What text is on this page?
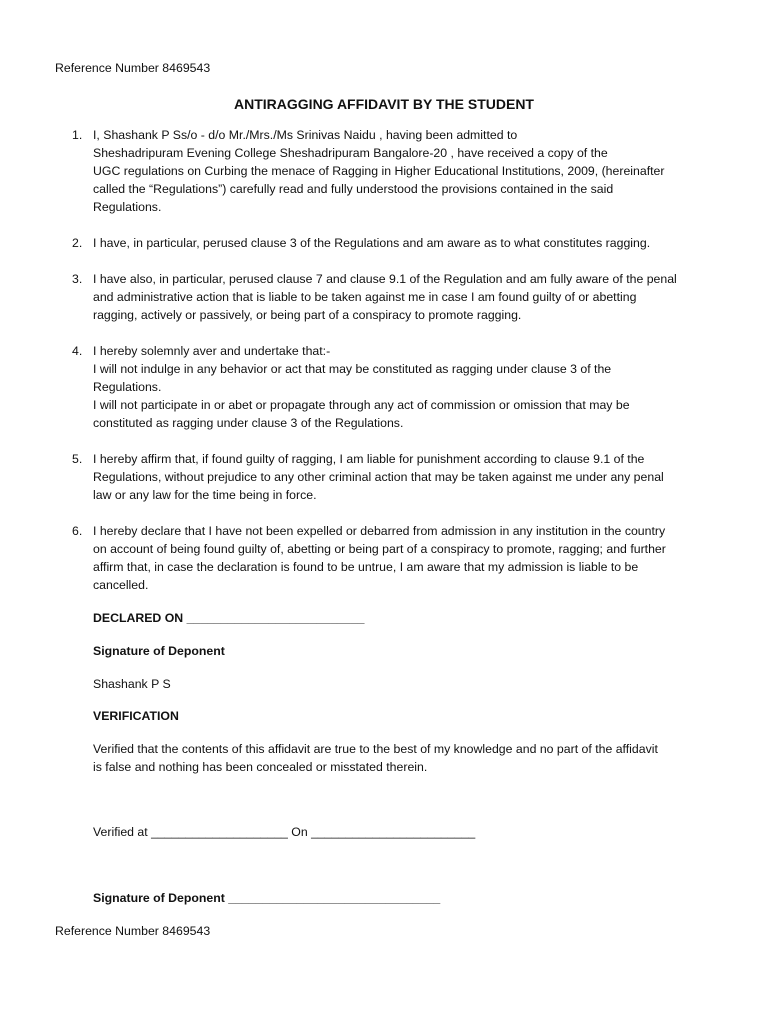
Reference Number 8469543
ANTIRAGGING AFFIDAVIT BY THE STUDENT
1. I, Shashank P Ss/o - d/o Mr./Mrs./Ms Srinivas Naidu , having been admitted to
Sheshadripuram Evening College Sheshadripuram Bangalore-20 , have received a copy of the
UGC regulations on Curbing the menace of Ragging in Higher Educational Institutions, 2009, (hereinafter
called the “Regulations”) carefully read and fully understood the provisions contained in the said
Regulations.
2. I have, in particular, perused clause 3 of the Regulations and am aware as to what constitutes ragging.
3. I have also, in particular, perused clause 7 and clause 9.1 of the Regulation and am fully aware of the penal
and administrative action that is liable to be taken against me in case I am found guilty of or abetting
ragging, actively or passively, or being part of a conspiracy to promote ragging.
4. I hereby solemnly aver and undertake that:-
I will not indulge in any behavior or act that may be constituted as ragging under clause 3 of the
Regulations.
I will not participate in or abet or propagate through any act of commission or omission that may be
constituted as ragging under clause 3 of the Regulations.
5. I hereby affirm that, if found guilty of ragging, I am liable for punishment according to clause 9.1 of the
Regulations, without prejudice to any other criminal action that may be taken against me under any penal
law or any law for the time being in force.
6. I hereby declare that I have not been expelled or debarred from admission in any institution in the country
on account of being found guilty of, abetting or being part of a conspiracy to promote, ragging; and further
affirm that, in case the declaration is found to be untrue, I am aware that my admission is liable to be
cancelled.
DECLARED ON __________________________
Signature of Deponent
Shashank P S
VERIFICATION
Verified that the contents of this affidavit are true to the best of my knowledge and no part of the affidavit
is false and nothing has been concealed or misstated therein.
Verified at ____________________ On ________________________
Signature of Deponent _______________________________
Reference Number 8469543
